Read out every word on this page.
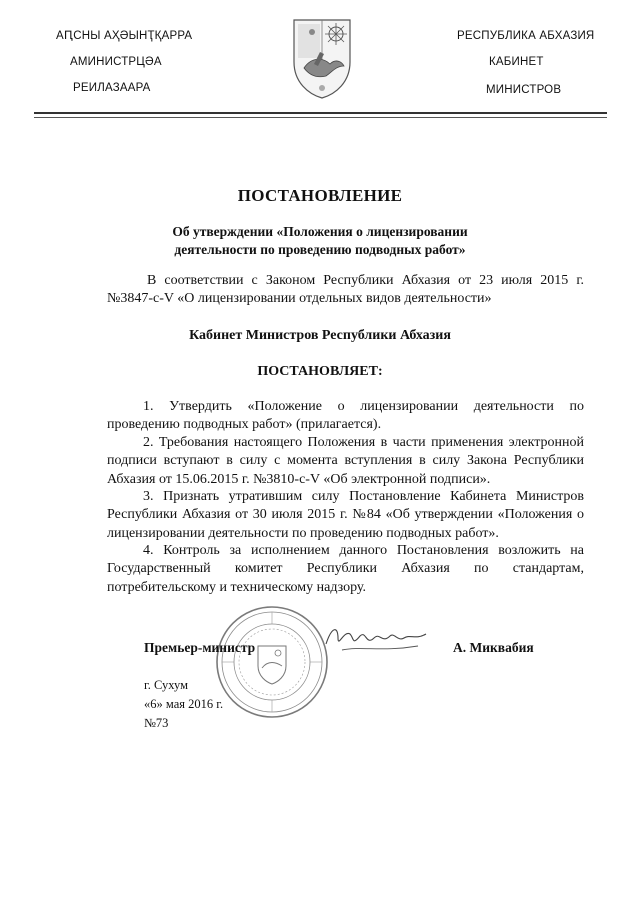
АԤСНЫ АҲӘЫНҬҚАРРА
АМИНИСТРЦӘА
РЕИЛАЗААРА
РЕСПУБЛИКА АБХАЗИЯ
КАБИНЕТ
МИНИСТРОВ
ПОСТАНОВЛЕНИЕ
Об утверждении «Положения о лицензировании
деятельности по проведению подводных работ»
В соответствии с Законом Республики Абхазия от 23 июля 2015 г. №3847-с-V «О лицензировании отдельных видов деятельности»
Кабинет Министров Республики Абхазия
ПОСТАНОВЛЯЕТ:
1. Утвердить «Положение о лицензировании деятельности по проведению подводных работ» (прилагается).
2. Требования настоящего Положения в части применения электронной подписи вступают в силу с момента вступления в силу Закона Республики Абхазия от 15.06.2015 г. №3810-с-V «Об электронной подписи».
3. Признать утратившим силу Постановление Кабинета Министров Республики Абхазия от 30 июля 2015 г. №84 «Об утверждении «Положения о лицензировании деятельности по проведению подводных работ».
4. Контроль за исполнением данного Постановления возложить на Государственный комитет Республики Абхазия по стандартам, потребительскому и техническому надзору.
Премьер-министр	А. Миквабия
г. Сухум
«6» мая 2016 г.
№73
